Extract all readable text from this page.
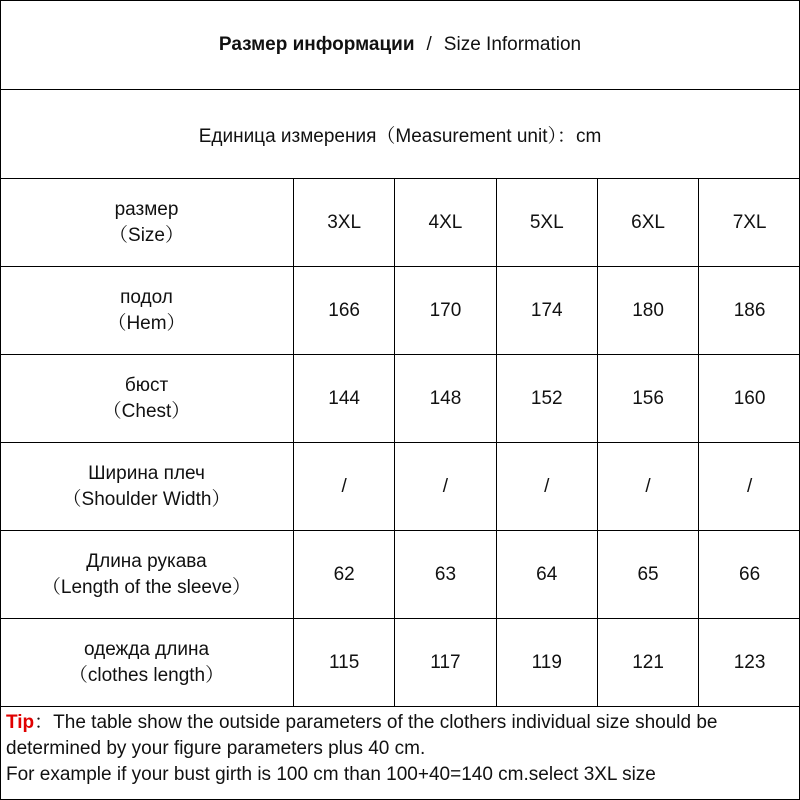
Размер информации / Size Information
Единица измерения（Measurement unit）：cm
размер
（Size）	3XL	4XL	5XL	6XL	7XL

подол
（Hem）	166	170	174	180	186

бюст
（Chest）	144	148	152	156	160

Ширина плеч
（Shoulder Width）	/	/	/	/	/

Длина рукава
（Length of the sleeve）	62	63	64	65	66

одежда длина
（clothes length）	115	117	119	121	123
Tip：The table show the outside parameters of the clothers individual size should be
determined by your figure parameters plus 40 cm.
For example if your bust girth is 100 cm than 100+40=140 cm.select 3XL size
